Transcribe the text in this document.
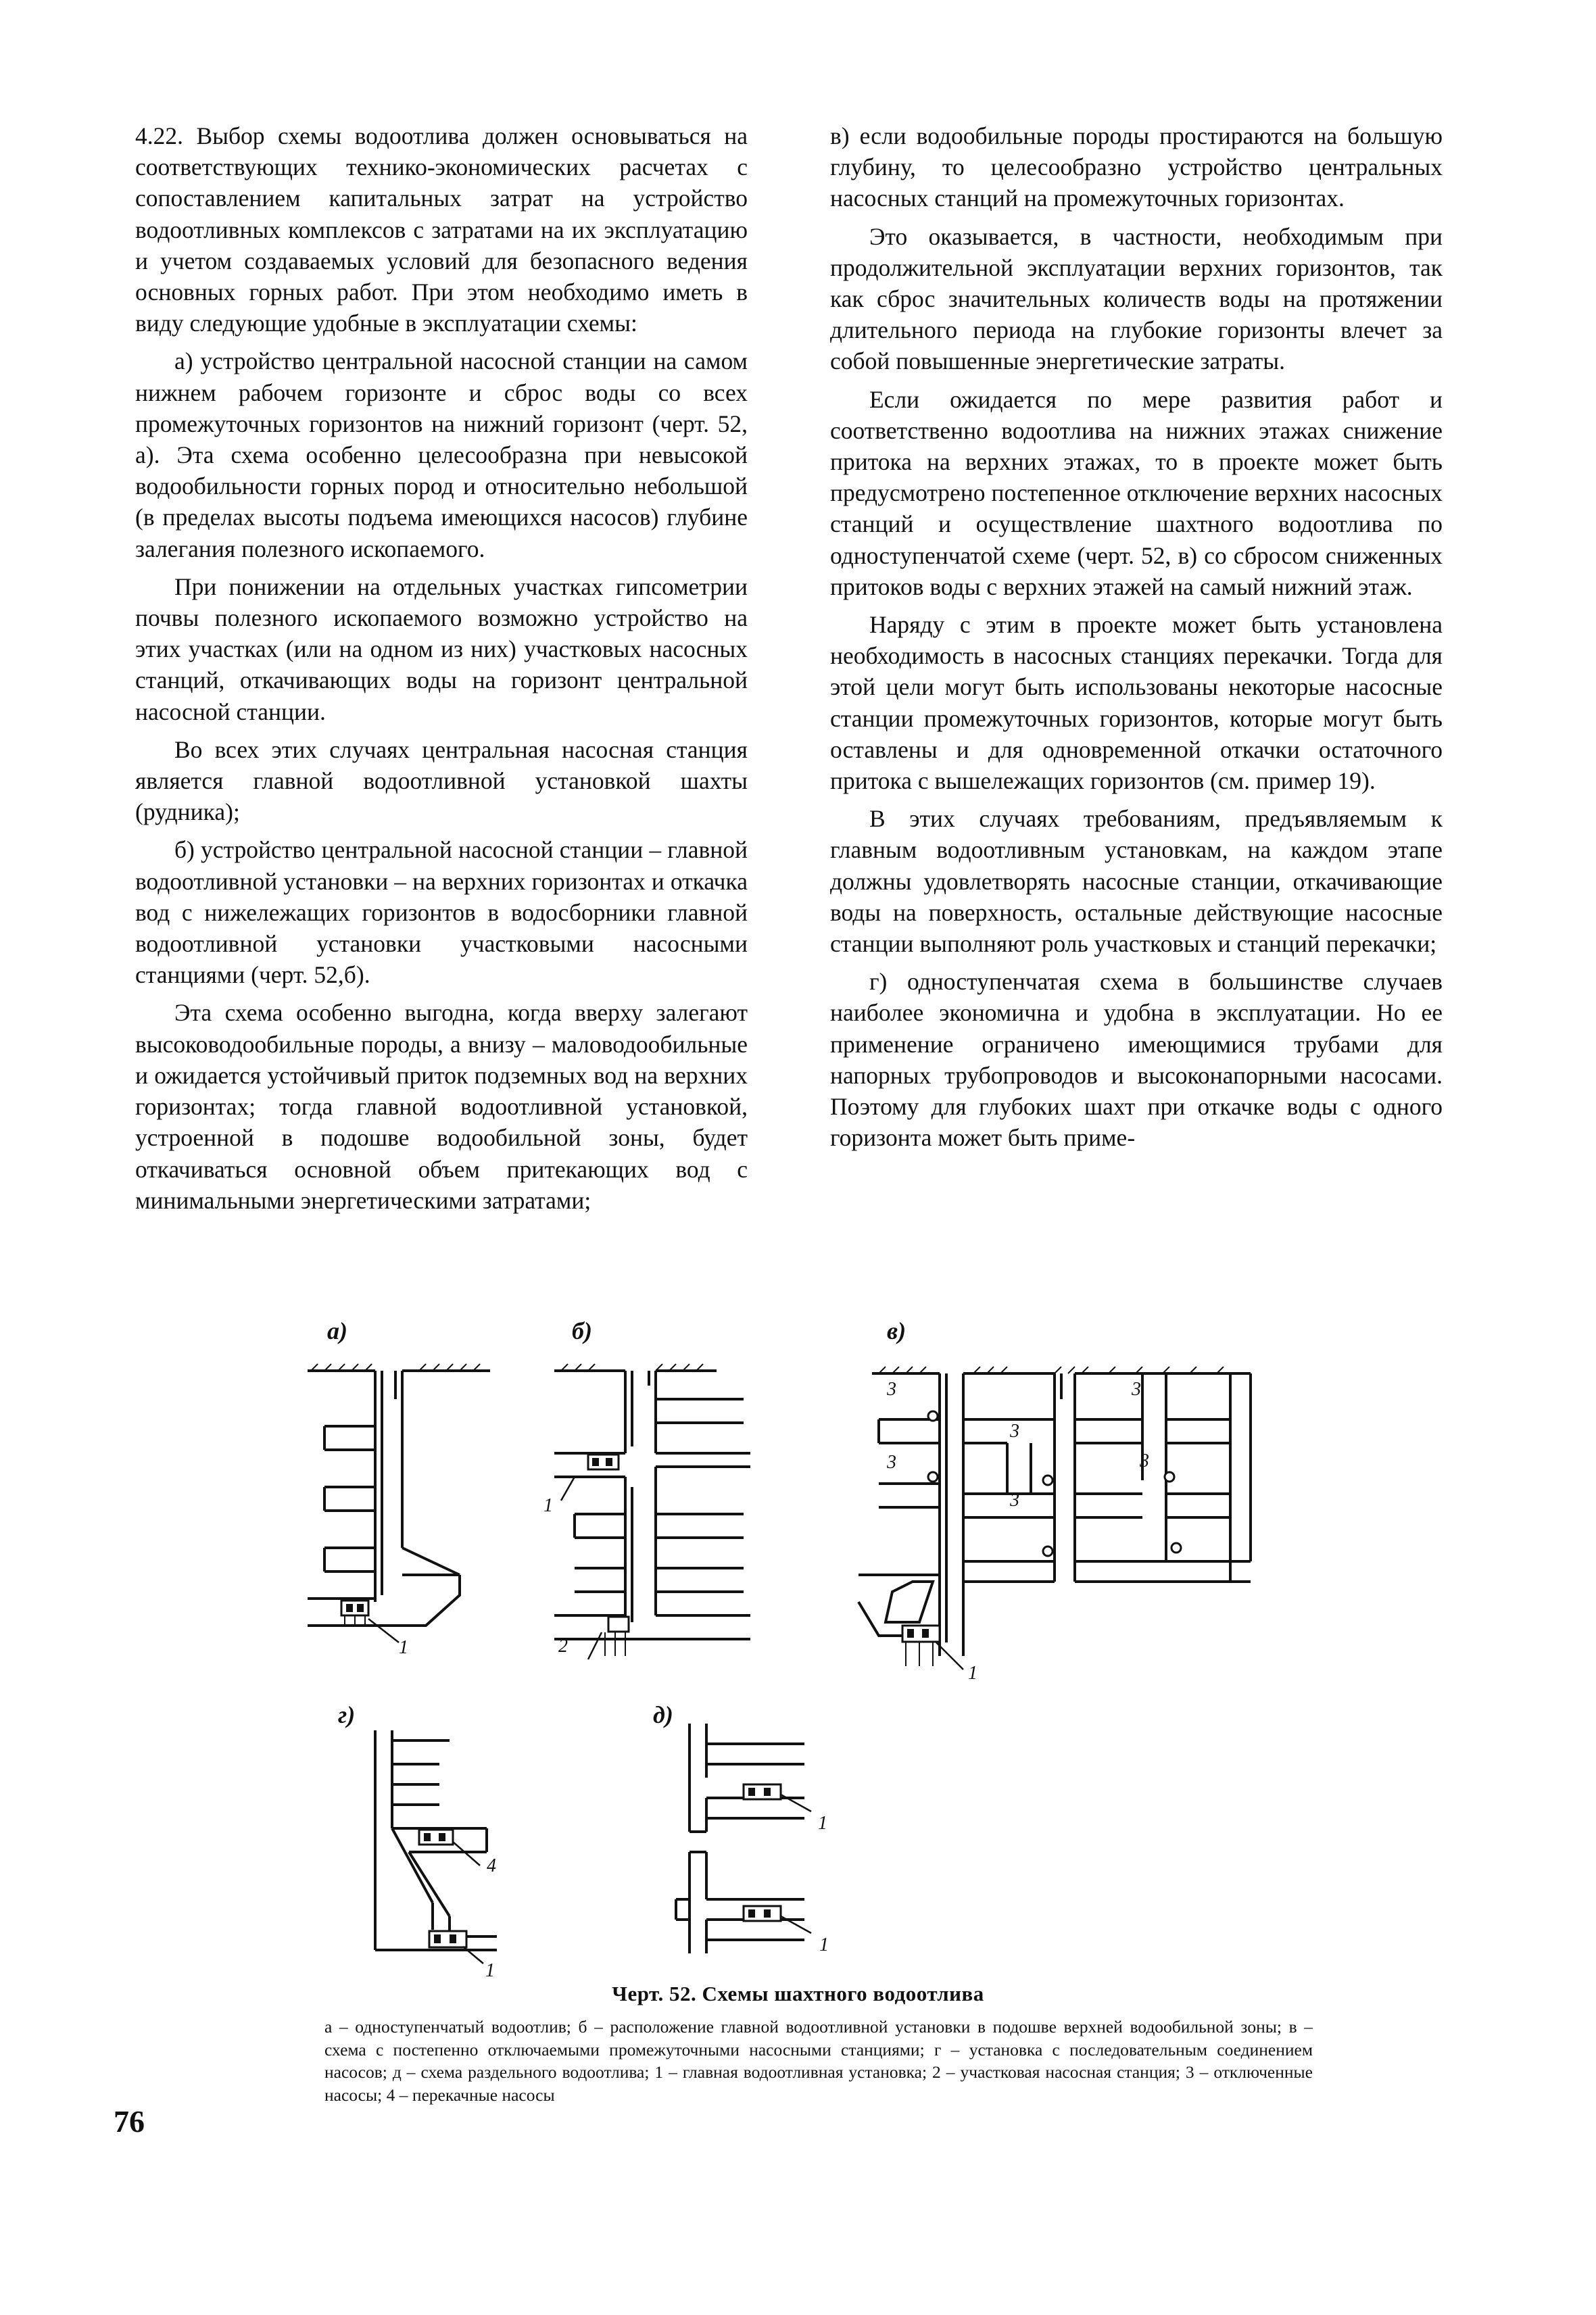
4.22. Выбор схемы водоотлива должен основываться на соответствующих технико-экономических расчетах с сопоставлением капитальных затрат на устройство водоотливных комплексов с затратами на их эксплуатацию и учетом создаваемых условий для безопасного ведения основных горных работ. При этом необходимо иметь в виду следующие удобные в эксплуатации схемы:

а) устройство центральной насосной станции на самом нижнем рабочем горизонте и сброс воды со всех промежуточных горизонтов на нижний горизонт (черт. 52, а). Эта схема особенно целесообразна при невысокой водообильности горных пород и относительно небольшой (в пределах высоты подъема имеющихся насосов) глубине залегания полезного ископаемого.

При понижении на отдельных участках гипсометрии почвы полезного ископаемого возможно устройство на этих участках (или на одном из них) участковых насосных станций, откачивающих воды на горизонт центральной насосной станции.

Во всех этих случаях центральная насосная станция является главной водоотливной установкой шахты (рудника);

б) устройство центральной насосной станции – главной водоотливной установки – на верхних горизонтах и откачка вод с нижележащих горизонтов в водосборники главной водоотливной установки участковыми насосными станциями (черт. 52,б).

Эта схема особенно выгодна, когда вверху залегают высоководообильные породы, а внизу – маловодообильные и ожидается устойчивый приток подземных вод на верхних горизонтах; тогда главной водоотливной установкой, устроенной в подошве водообильной зоны, будет откачиваться основной объем притекающих вод с минимальными энергетическими затратами;

в) если водообильные породы простираются на большую глубину, то целесообразно устройство центральных насосных станций на промежуточных горизонтах.

Это оказывается, в частности, необходимым при продолжительной эксплуатации верхних горизонтов, так как сброс значительных количеств воды на протяжении длительного периода на глубокие горизонты влечет за собой повышенные энергетические затраты.

Если ожидается по мере развития работ и соответственно водоотлива на нижних этажах снижение притока на верхних этажах, то в проекте может быть предусмотрено постепенное отключение верхних насосных станций и осуществление шахтного водоотлива по одноступенчатой схеме (черт. 52, в) со сбросом сниженных притоков воды с верхних этажей на самый нижний этаж.

Наряду с этим в проекте может быть установлена необходимость в насосных станциях перекачки. Тогда для этой цели могут быть использованы некоторые насосные станции промежуточных горизонтов, которые могут быть оставлены и для одновременной откачки остаточного притока с вышележащих горизонтов (см. пример 19).

В этих случаях требованиям, предъявляемым к главным водоотливным установкам, на каждом этапе должны удовлетворять насосные станции, откачивающие воды на поверхность, остальные действующие насосные станции выполняют роль участковых и станций перекачки;

г) одноступенчатая схема в большинстве случаев наиболее экономична и удобна в эксплуатации. Но ее применение ограничено имеющимися трубами для напорных трубопроводов и высоконапорными насосами. Поэтому для глубоких шахт при откачке воды с одного горизонта может быть приме-

а)
1
б)
1
2
в)
3
3
3
3
3
3
1
г)
4
1
д)
1
1
Черт. 52. Схемы шахтного водоотлива
а – одноступенчатый водоотлив; б – расположение главной водоотливной установки в подошве верхней водообильной зоны; в – схема с постепенно отключаемыми промежуточными насосными станциями; г – установка с последовательным соединением насосов; д – схема раздельного водоотлива; 1 – главная водоотливная установка; 2 – участковая насосная станция; 3 – отключенные насосы; 4 – перекачные насосы
76
